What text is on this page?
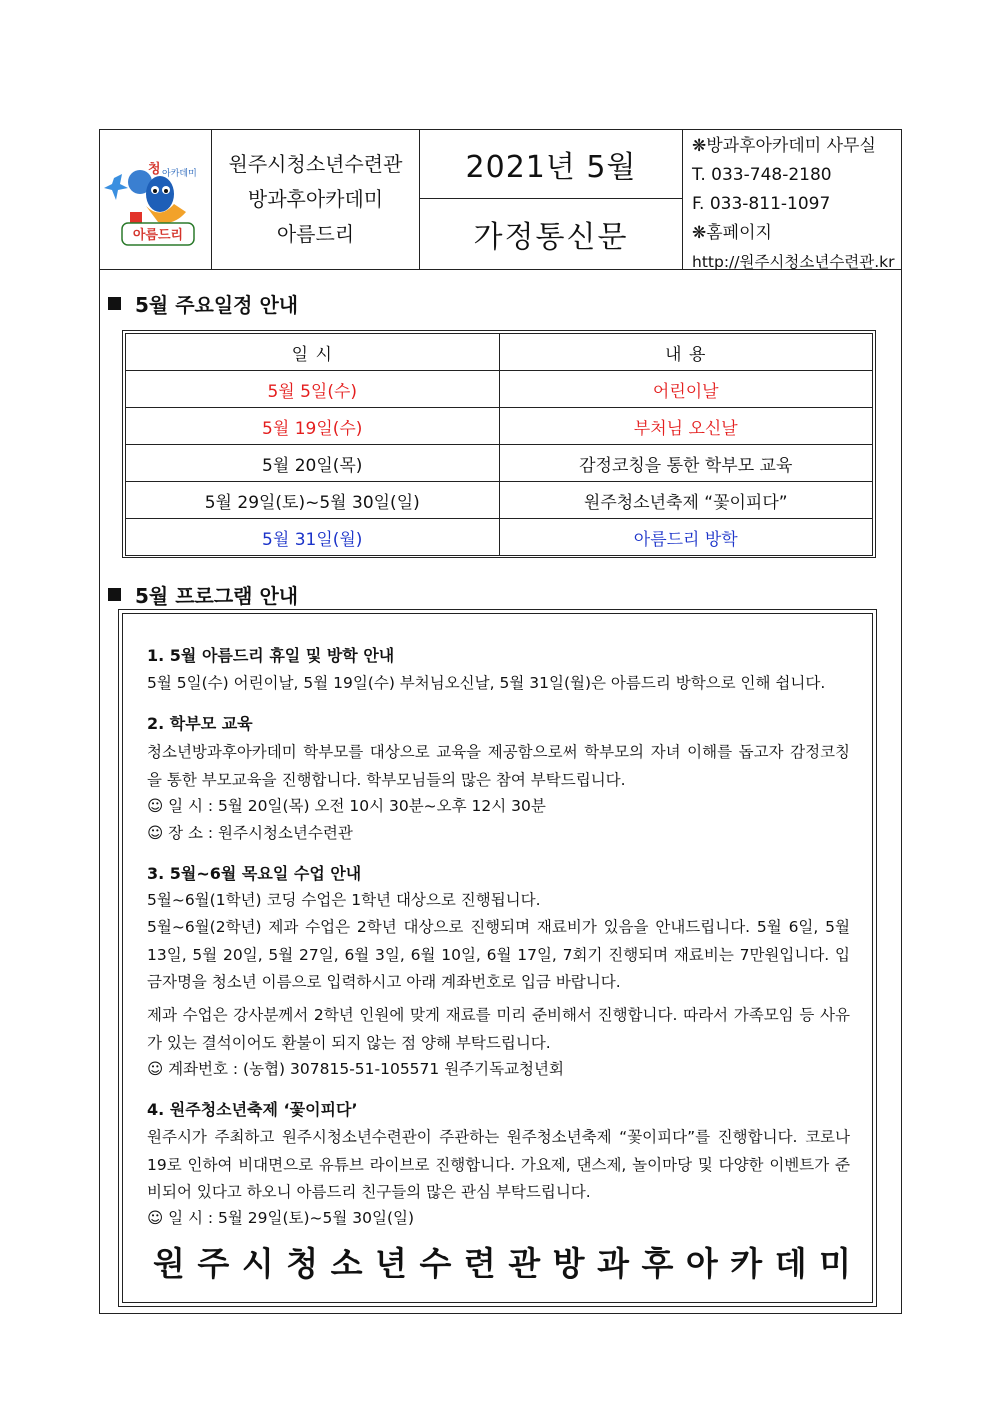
청 아카데미
아름드리
원주시청소년수련관
방과후아카데미
아름드리
2021년 5월
가정통신문
❋방과후아카데미 사무실
T. 033-748-2180
F. 033-811-1097
❋홈페이지
http://원주시청소년수련관.kr
5월 주요일정 안내
일 시	내 용
5월 5일(수)	어린이날
5월 19일(수)	부처님 오신날
5월 20일(목)	감정코칭을 통한 학부모 교육
5월 29일(토)~5월 30일(일)	원주청소년축제 “꽃이피다”
5월 31일(월)	아름드리 방학
5월 프로그램 안내
1. 5월 아름드리 휴일 및 방학 안내
5월 5일(수) 어린이날, 5월 19일(수) 부처님오신날, 5월 31일(월)은 아름드리 방학으로 인해 쉽니다.
2. 학부모 교육
청소년방과후아카데미 학부모를 대상으로 교육을 제공함으로써 학부모의 자녀 이해를 돕고자 감정코칭을 통한 부모교육을 진행합니다. 학부모님들의 많은 참여 부탁드립니다.
☺ 일 시 : 5월 20일(목) 오전 10시 30분~오후 12시 30분
☺ 장 소 : 원주시청소년수련관
3. 5월~6월 목요일 수업 안내
5월~6월(1학년) 코딩 수업은 1학년 대상으로 진행됩니다.
5월~6월(2학년) 제과 수업은 2학년 대상으로 진행되며 재료비가 있음을 안내드립니다. 5월 6일, 5월 13일, 5월 20일, 5월 27일, 6월 3일, 6월 10일, 6월 17일, 7회기 진행되며 재료비는 7만원입니다. 입금자명을 청소년 이름으로 입력하시고 아래 계좌번호로 입금 바랍니다.
제과 수업은 강사분께서 2학년 인원에 맞게 재료를 미리 준비해서 진행합니다. 따라서 가족모임 등 사유가 있는 결석이어도 환불이 되지 않는 점 양해 부탁드립니다.
☺ 계좌번호 : (농협) 307815-51-105571 원주기독교청년회
4. 원주청소년축제 ‘꽃이피다’
원주시가 주최하고 원주시청소년수련관이 주관하는 원주청소년축제 “꽃이피다”를 진행합니다. 코로나 19로 인하여 비대면으로 유튜브 라이브로 진행합니다. 가요제, 댄스제, 놀이마당 및 다양한 이벤트가 준비되어 있다고 하오니 아름드리 친구들의 많은 관심 부탁드립니다.
☺ 일 시 : 5월 29일(토)~5월 30일(일)
원 주 시 청 소 년 수 련 관 방 과 후 아 카 데 미
